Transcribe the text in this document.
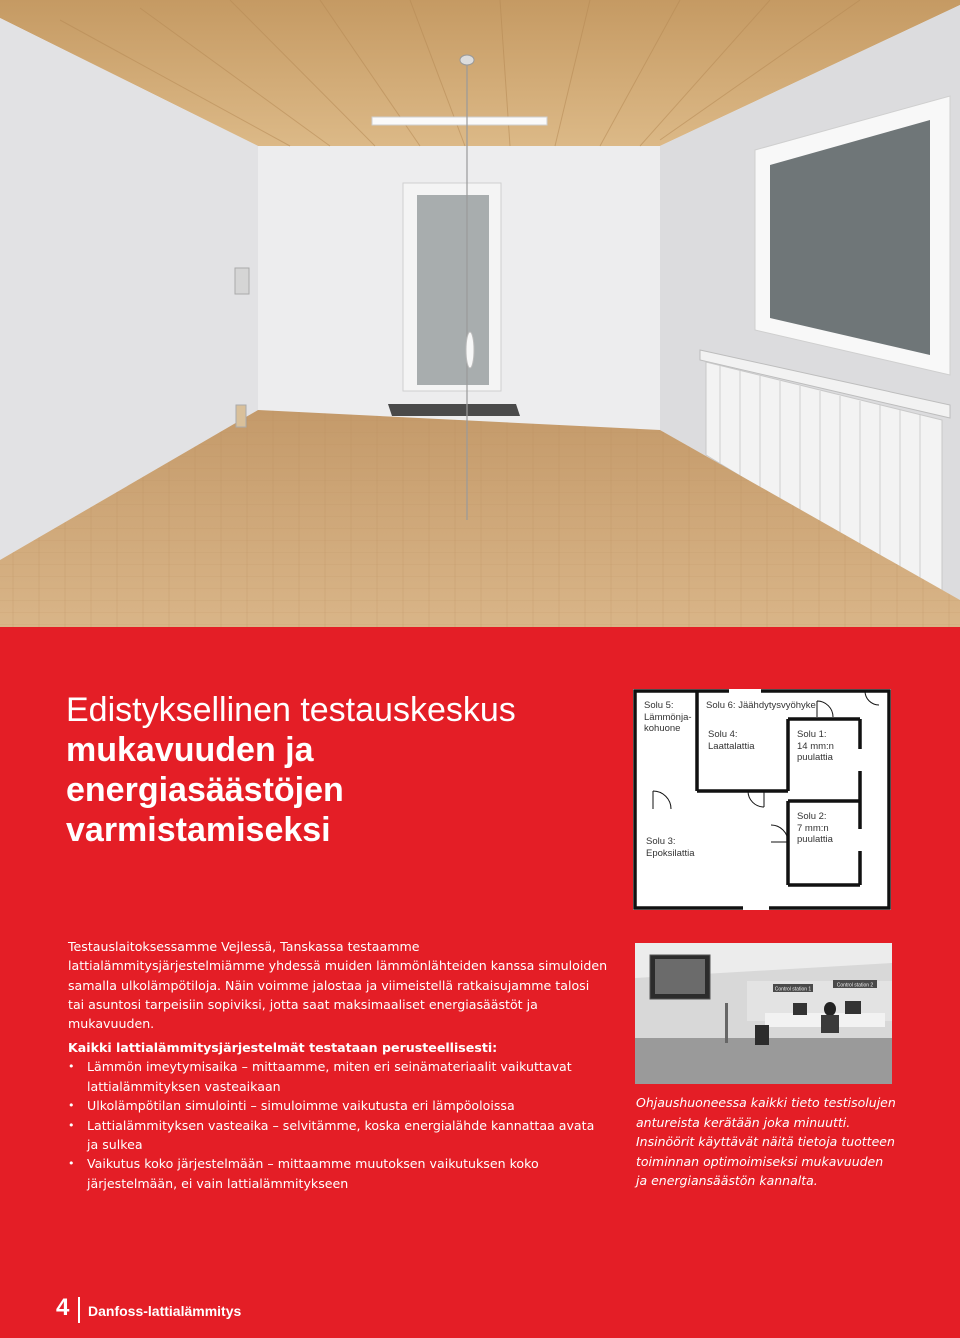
Edistyksellinen testauskeskus
mukavuuden ja
energiasäästöjen
varmistamiseksi
Solu 5:
Lämmönja-
kohuone
Solu 6: Jäähdytysvyöhyke
Solu 4:
Laattalattia
Solu 1:
14 mm:n
puulattia
Solu 2:
7 mm:n
puulattia
Solu 3:
Epoksilattia

Testauslaitoksessamme Vejlessä, Tanskassa testaamme lattialämmitysjärjestelmiämme yhdessä muiden lämmönlähteiden kanssa simuloiden samalla ulkolämpötiloja. Näin voimme jalostaa ja viimeistellä ratkaisujamme talosi tai asuntosi tarpeisiin sopiviksi, jotta saat maksimaaliset energiasäästöt ja mukavuuden.

Kaikki lattialämmitysjärjestelmät testataan perusteellisesti:
• Lämmön imeytymisaika – mittaamme, miten eri seinämateriaalit vaikuttavat lattialämmityksen vasteaikaan
• Ulkolämpötilan simulointi – simuloimme vaikutusta eri lämpöoloissa
• Lattialämmityksen vasteaika – selvitämme, koska energialähde kannattaa avata ja sulkea
• Vaikutus koko järjestelmään – mittaamme muutoksen vaikutuksen koko järjestelmään, ei vain lattialämmitykseen
Control station 1
Control station 2

Ohjaushuoneessa kaikki tieto testisolujen antureista kerätään joka minuutti. Insinöörit käyttävät näitä tietoja tuotteen toiminnan optimoimiseksi mukavuuden ja energiansäästön kannalta.

4 Danfoss-lattialämmitys
